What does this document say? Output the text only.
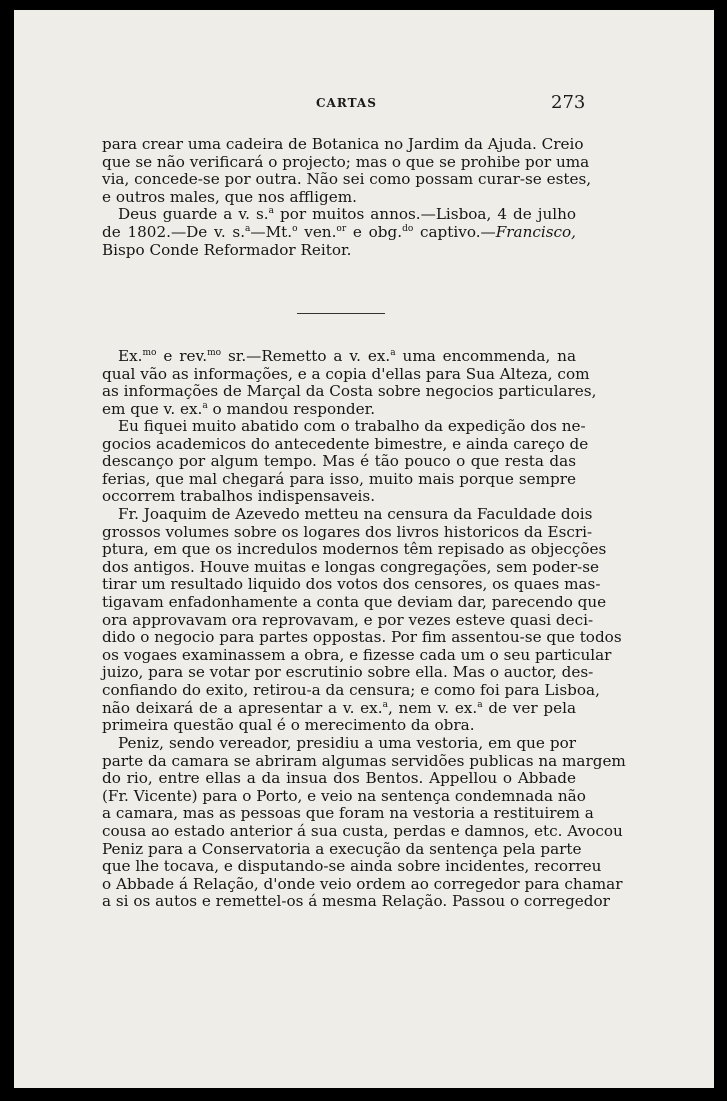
CARTAS	273
para crear uma cadeira de Botanica no Jardim da Ajuda. Creio
que se não verificará o projecto; mas o que se prohibe por uma
via, concede-se por outra. Não sei como possam curar-se estes,
e outros males, que nos affligem.
Deus guarde a v. s.$^a$ por muitos annos.—Lisboa, 4 de julho
de 1802.—De v. s.$^a$—Mt.$^o$ ven.$^{or}$ e obg.$^{do}$ captivo.—Francisco,
Bispo Conde Reformador Reitor.
Ex.$^{mo}$ e rev.$^{mo}$ sr.—Remetto a v. ex.$^a$ uma encommenda, na
qual vão as informações, e a copia d'ellas para Sua Alteza, com
as informações de Marçal da Costa sobre negocios particulares,
em que v. ex.$^a$ o mandou responder.
Eu fiquei muito abatido com o trabalho da expedição dos ne-
gocios academicos do antecedente bimestre, e ainda careço de
descanço por algum tempo. Mas é tão pouco o que resta das
ferias, que mal chegará para isso, muito mais porque sempre
occorrem trabalhos indispensaveis.
Fr. Joaquim de Azevedo metteu na censura da Faculdade dois
grossos volumes sobre os logares dos livros historicos da Escri-
ptura, em que os incredulos modernos têm repisado as objecções
dos antigos. Houve muitas e longas congregações, sem poder-se
tirar um resultado liquido dos votos dos censores, os quaes mas-
tigavam enfadonhamente a conta que deviam dar, parecendo que
ora approvavam ora reprovavam, e por vezes esteve quasi deci-
dido o negocio para partes oppostas. Por fim assentou-se que todos
os vogaes examinassem a obra, e fizesse cada um o seu particular
juizo, para se votar por escrutinio sobre ella. Mas o auctor, des-
confiando do exito, retirou-a da censura; e como foi para Lisboa,
não deixará de a apresentar a v. ex.$^a$, nem v. ex.$^a$ de ver pela
primeira questão qual é o merecimento da obra.
Peniz, sendo vereador, presidiu a uma vestoria, em que por
parte da camara se abriram algumas servidões publicas na margem
do rio, entre ellas a da insua dos Bentos. Appellou o Abbade
(Fr. Vicente) para o Porto, e veio na sentença condemnada não
a camara, mas as pessoas que foram na vestoria a restituirem a
cousa ao estado anterior á sua custa, perdas e damnos, etc. Avocou
Peniz para a Conservatoria a execução da sentença pela parte
que lhe tocava, e disputando-se ainda sobre incidentes, recorreu
o Abbade á Relação, d'onde veio ordem ao corregedor para chamar
a si os autos e remettel-os á mesma Relação. Passou o corregedor
